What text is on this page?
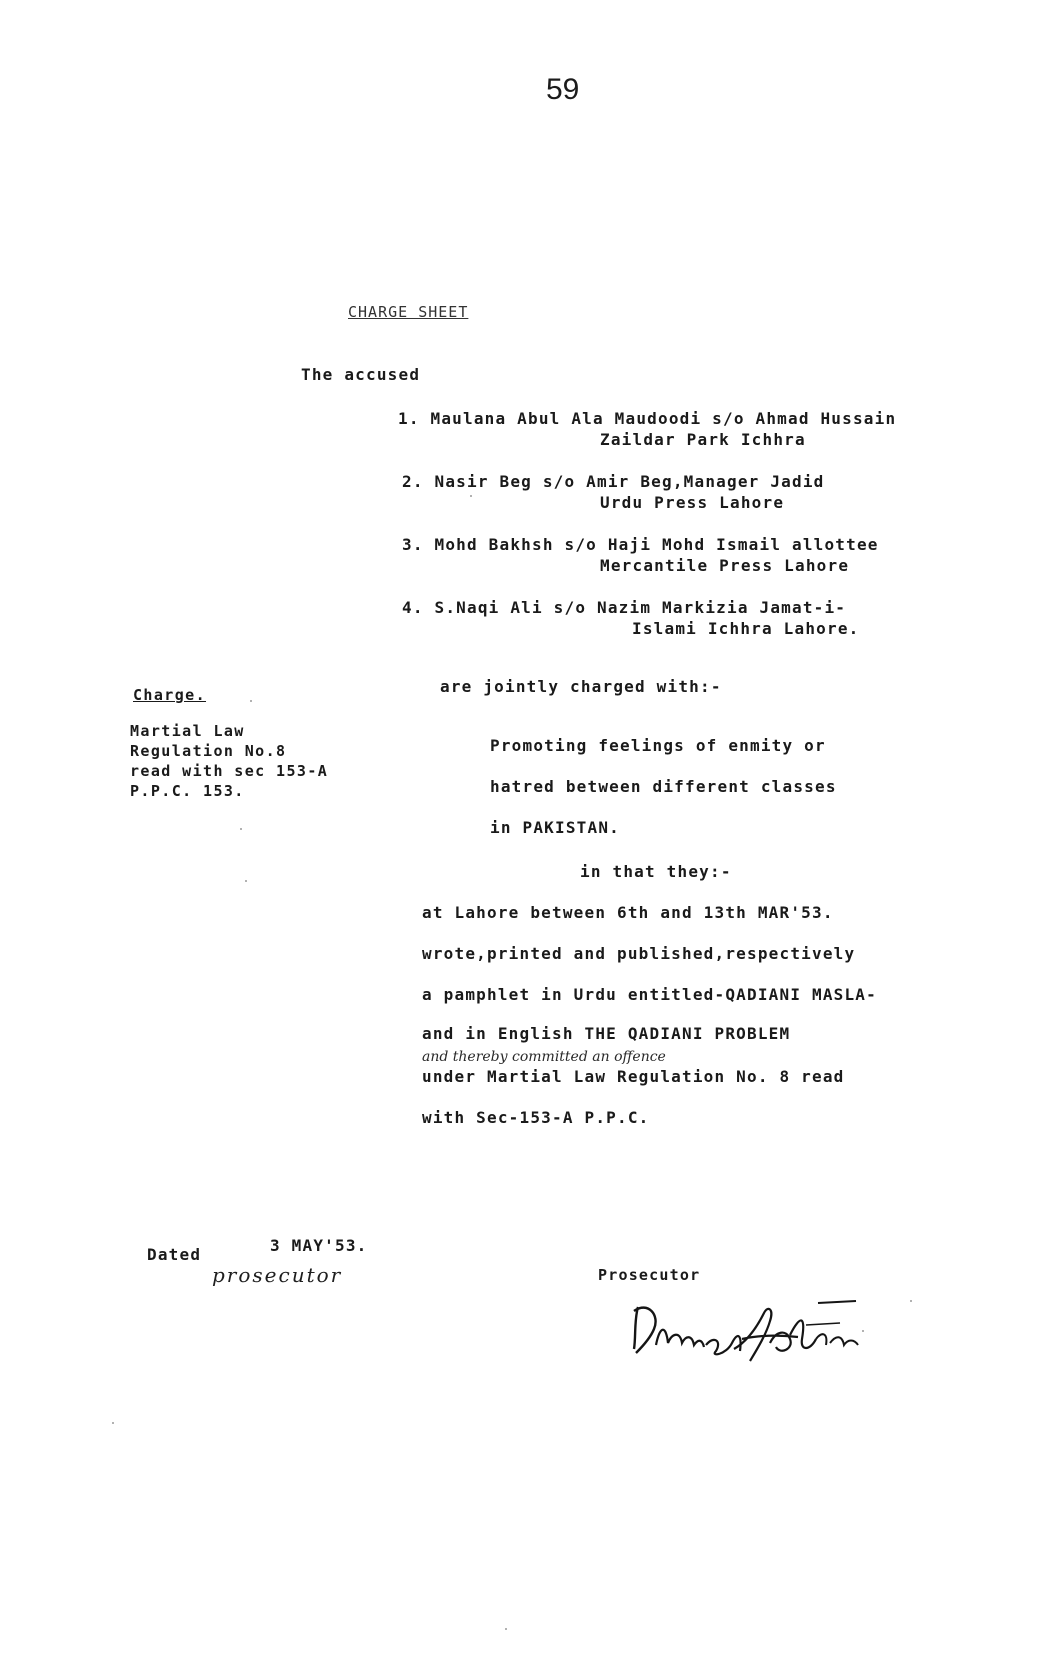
59
CHARGE SHEET
The accused
1. Maulana Abul Ala Maudoodi s/o Ahmad Hussain
Zaildar Park Ichhra
2. Nasir Beg s/o Amir Beg,Manager Jadid
Urdu Press Lahore
3. Mohd Bakhsh s/o Haji Mohd Ismail allottee
Mercantile Press Lahore
4. S.Naqi Ali s/o Nazim Markizia Jamat-i-
Islami Ichhra Lahore.
Charge.
Martial Law
Regulation No.8
read with sec 153-A
P.P.C. 153.
are jointly charged with:-
Promoting feelings of enmity or
hatred between different classes
in PAKISTAN.
in that they:-
at Lahore between 6th and 13th MAR'53.
wrote,printed and published,respectively
a pamphlet in Urdu entitled-QADIANI MASLA-
and in English THE QADIANI PROBLEM
and thereby committed an offence
under Martial Law Regulation No. 8 read
with Sec-153-A P.P.C.
Dated	3 MAY'53.
prosecutor	Prosecutor
